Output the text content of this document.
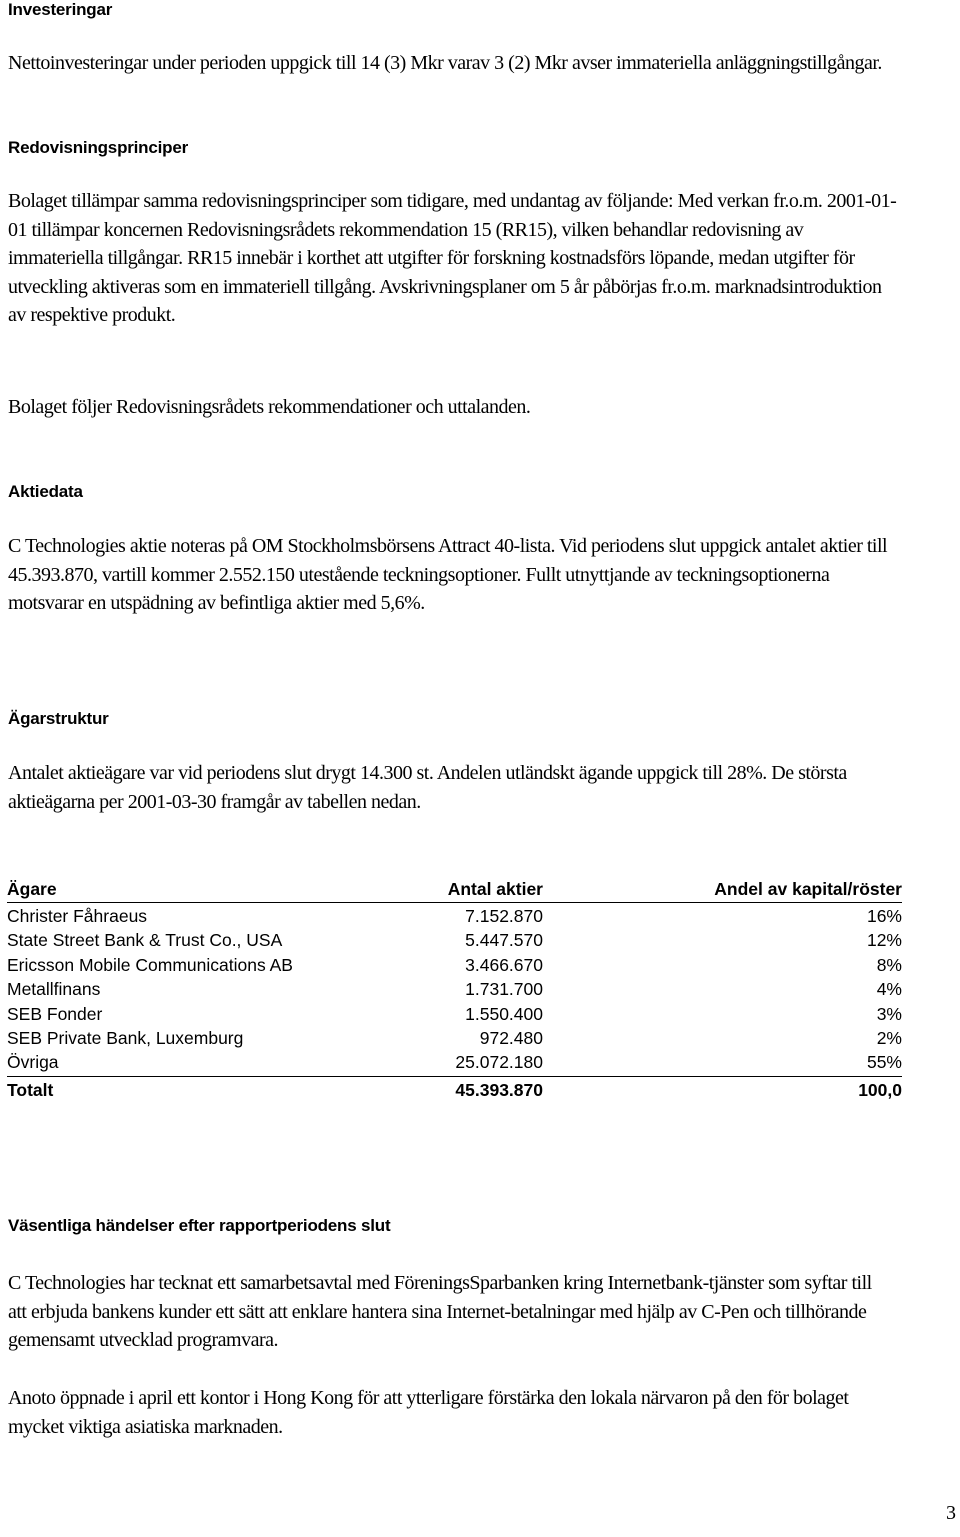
Investeringar

Nettoinvesteringar under perioden uppgick till 14 (3) Mkr varav 3 (2) Mkr avser immateriella anläggningstillgångar.

Redovisningsprinciper

Bolaget tillämpar samma redovisningsprinciper som tidigare, med undantag av följande: Med verkan fr.o.m. 2001-01-01 tillämpar koncernen Redovisningsrådets rekommendation 15 (RR15), vilken behandlar redovisning av immateriella tillgångar. RR15 innebär i korthet att utgifter för forskning kostnadsförs löpande, medan utgifter för utveckling aktiveras som en immateriell tillgång. Avskrivningsplaner om 5 år påbörjas fr.o.m. marknadsintroduktion av respektive produkt.

Bolaget följer Redovisningsrådets rekommendationer och uttalanden.

Aktiedata

C Technologies aktie noteras på OM Stockholmsbörsens Attract 40-lista. Vid periodens slut uppgick antalet aktier till 45.393.870, vartill kommer 2.552.150 utestående teckningsoptioner. Fullt utnyttjande av teckningsoptionerna motsvarar en utspädning av befintliga aktier med 5,6%.

Ägarstruktur

Antalet aktieägare var vid periodens slut drygt 14.300 st. Andelen utländskt ägande uppgick till 28%. De största aktieägarna per 2001-03-30 framgår av tabellen nedan.

Ägare	Antal aktier	Andel av kapital/röster
Christer Fåhraeus	7.152.870	16%
State Street Bank & Trust Co., USA	5.447.570	12%
Ericsson Mobile Communications AB	3.466.670	8%
Metallfinans	1.731.700	4%
SEB Fonder	1.550.400	3%
SEB Private Bank, Luxemburg	972.480	2%
Övriga	25.072.180	55%
Totalt	45.393.870	100,0
Väsentliga händelser efter rapportperiodens slut

C Technologies har tecknat ett samarbetsavtal med FöreningsSparbanken kring Internetbank-tjänster som syftar till att erbjuda bankens kunder ett sätt att enklare hantera sina Internet-betalningar med hjälp av C-Pen och tillhörande gemensamt utvecklad programvara.

Anoto öppnade i april ett kontor i Hong Kong för att ytterligare förstärka den lokala närvaron på den för bolaget mycket viktiga asiatiska marknaden.

3
